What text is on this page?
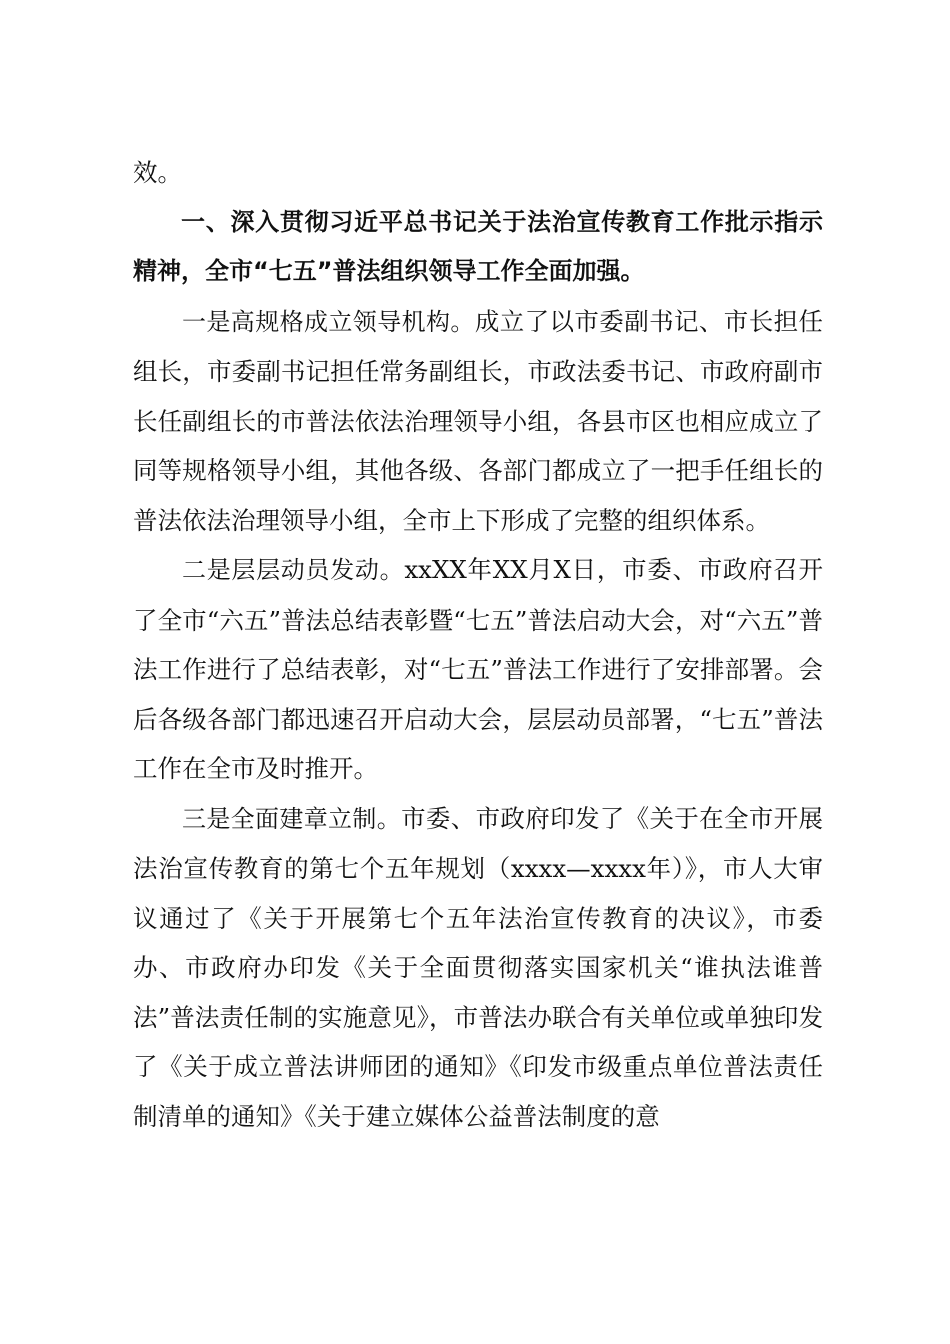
效。

一、深入贯彻习近平总书记关于法治宣传教育工作批示指示精神，全市“七五”普法组织领导工作全面加强。

一是高规格成立领导机构。成立了以市委副书记、市长担任组长，市委副书记担任常务副组长，市政法委书记、市政府副市长任副组长的市普法依法治理领导小组，各县市区也相应成立了同等规格领导小组，其他各级、各部门都成立了一把手任组长的普法依法治理领导小组，全市上下形成了完整的组织体系。

二是层层动员发动。xxXX年XX月X日，市委、市政府召开了全市“六五”普法总结表彰暨“七五”普法启动大会，对“六五”普法工作进行了总结表彰，对“七五”普法工作进行了安排部署。会后各级各部门都迅速召开启动大会，层层动员部署，“七五”普法工作在全市及时推开。

三是全面建章立制。市委、市政府印发了《关于在全市开展法治宣传教育的第七个五年规划（xxxx—xxxx年）》，市人大审议通过了《关于开展第七个五年法治宣传教育的决议》，市委办、市政府办印发《关于全面贯彻落实国家机关“谁执法谁普法”普法责任制的实施意见》，市普法办联合有关单位或单独印发了《关于成立普法讲师团的通知》《印发市级重点单位普法责任制清单的通知》《关于建立媒体公益普法制度的意
